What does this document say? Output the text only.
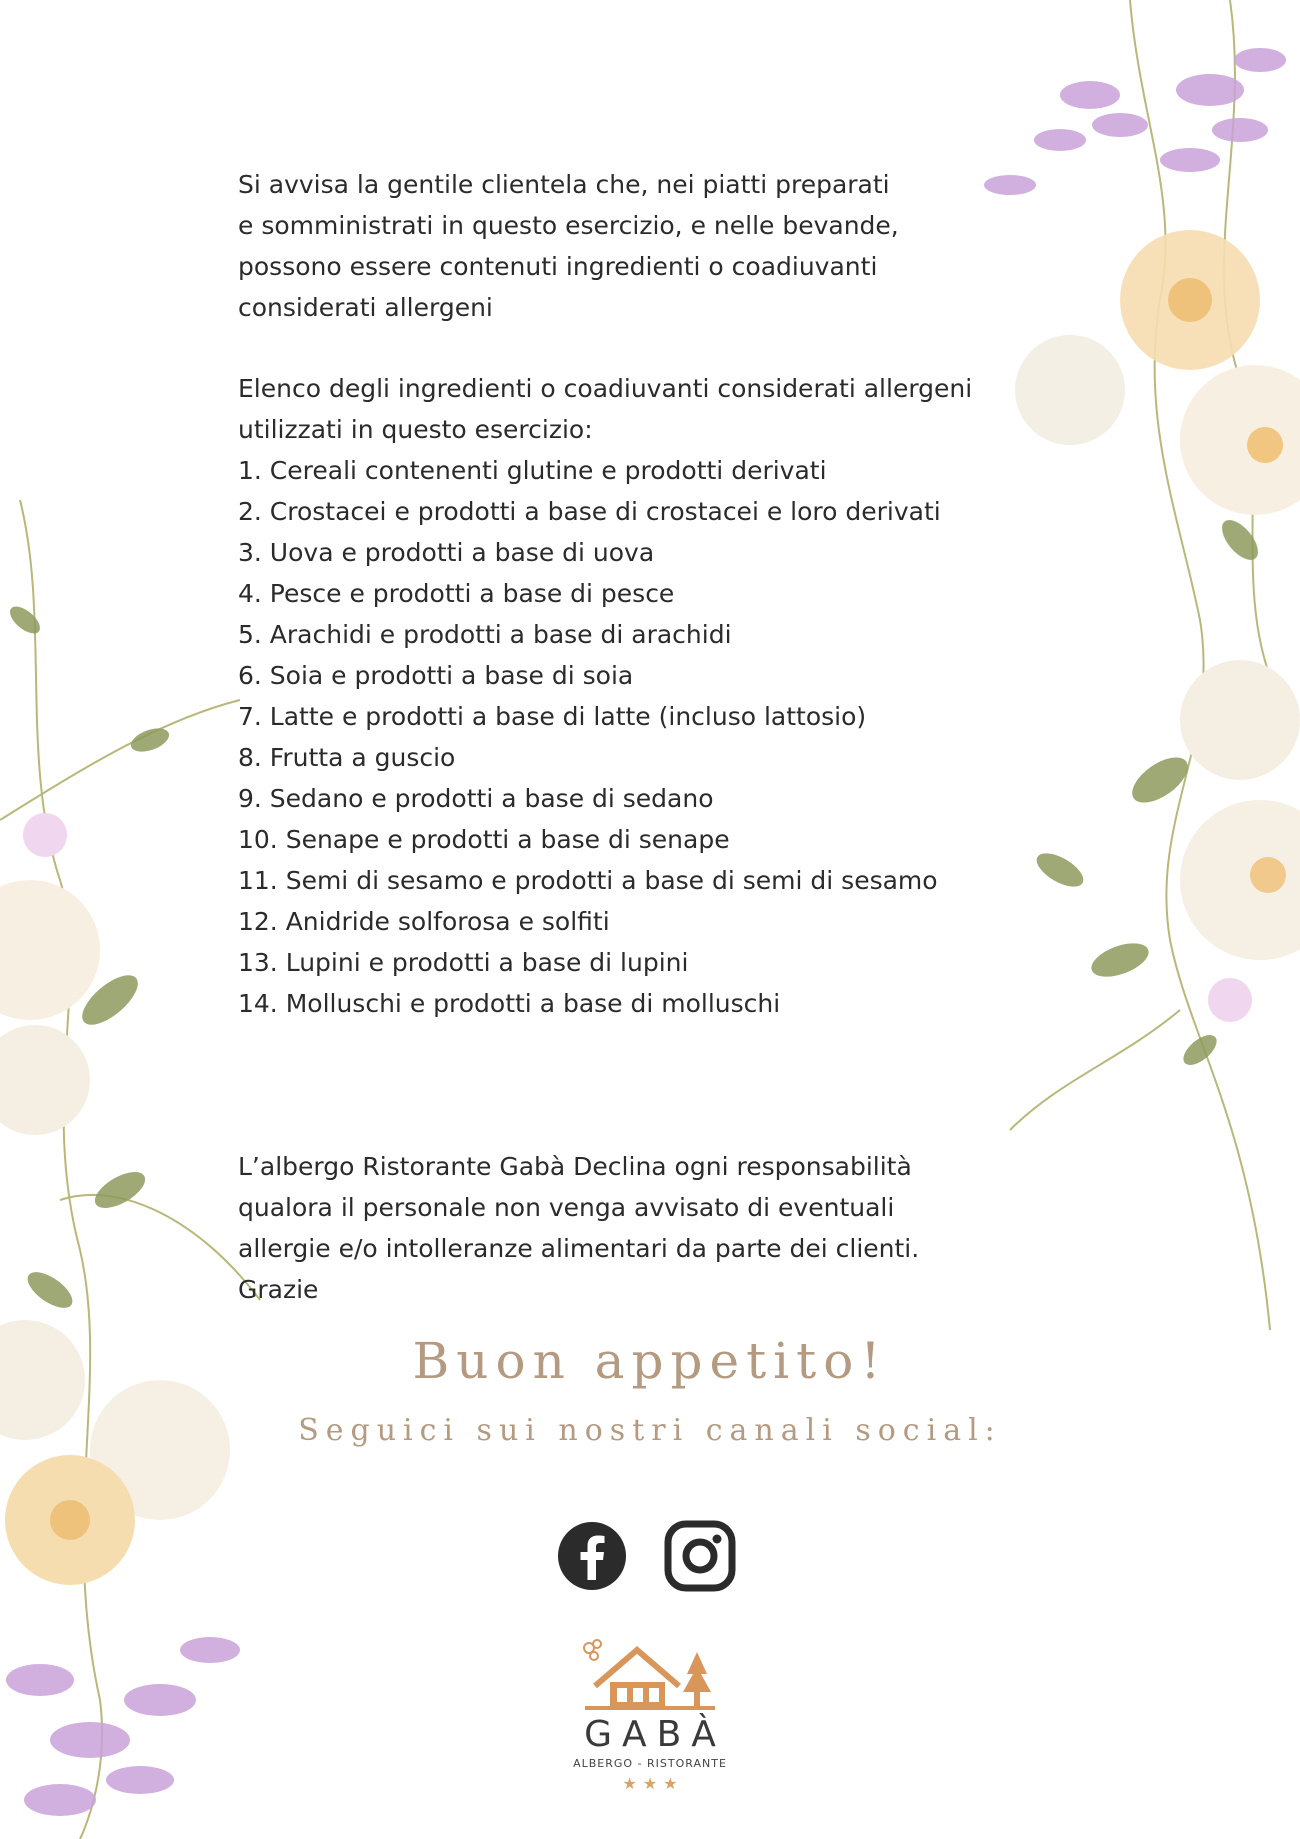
Si avvisa la gentile clientela che, nei piatti preparati
e somministrati in questo esercizio, e nelle bevande,
possono essere contenuti ingredienti o coadiuvanti
considerati allergeni
Elenco degli ingredienti o coadiuvanti considerati allergeni
utilizzati in questo esercizio:
1. Cereali contenenti glutine e prodotti derivati
2. Crostacei e prodotti a base di crostacei e loro derivati
3. Uova e prodotti a base di uova
4. Pesce e prodotti a base di pesce
5. Arachidi e prodotti a base di arachidi
6. Soia e prodotti a base di soia
7. Latte e prodotti a base di latte (incluso lattosio)
8. Frutta a guscio
9. Sedano e prodotti a base di sedano
10. Senape e prodotti a base di senape
11. Semi di sesamo e prodotti a base di semi di sesamo
12. Anidride solforosa e solfiti
13. Lupini e prodotti a base di lupini
14. Molluschi e prodotti a base di molluschi
L’albergo Ristorante Gabà Declina ogni responsabilità
qualora il personale non venga avvisato di eventuali
allergie e/o intolleranze alimentari da parte dei clienti.
Grazie
Buon appetito!
Seguici sui nostri canali social:
GABÀ
ALBERGO - RISTORANTE
★★★
